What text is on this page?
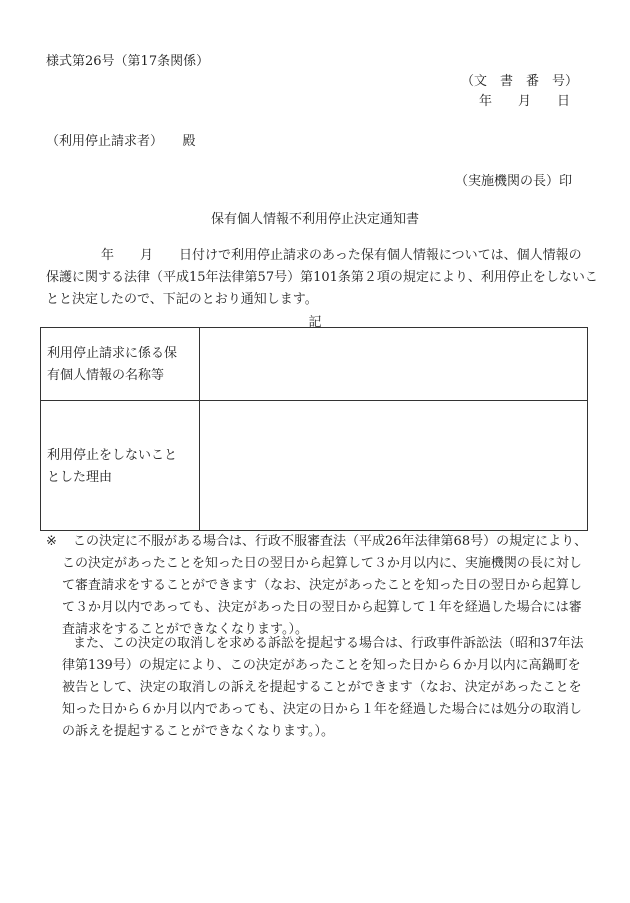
様式第26号（第17条関係）
（文　書　番　号）
年　　月　　日
（利用停止請求者）　　殿
（実施機関の長）印
保有個人情報不利用停止決定通知書
年　　月　　日付けで利用停止請求のあった保有個人情報については、個人情報の
保護に関する法律（平成15年法律第57号）第101条第２項の規定により、利用停止をしないこ
とと決定したので、下記のとおり通知します。
記
利用停止請求に係る保
有個人情報の名称等	

利用停止をしないこと
とした理由	

※	この決定に不服がある場合は、行政不服審査法（平成26年法律第68号）の規定により、
この決定があったことを知った日の翌日から起算して３か月以内に、実施機関の長に対し
て審査請求をすることができます（なお、決定があったことを知った日の翌日から起算し
て３か月以内であっても、決定があった日の翌日から起算して１年を経過した場合には審
査請求をすることができなくなります。）。
また、この決定の取消しを求める訴訟を提起する場合は、行政事件訴訟法（昭和37年法
律第139号）の規定により、この決定があったことを知った日から６か月以内に高鍋町を
被告として、決定の取消しの訴えを提起することができます（なお、決定があったことを
知った日から６か月以内であっても、決定の日から１年を経過した場合には処分の取消し
の訴えを提起することができなくなります。）。
